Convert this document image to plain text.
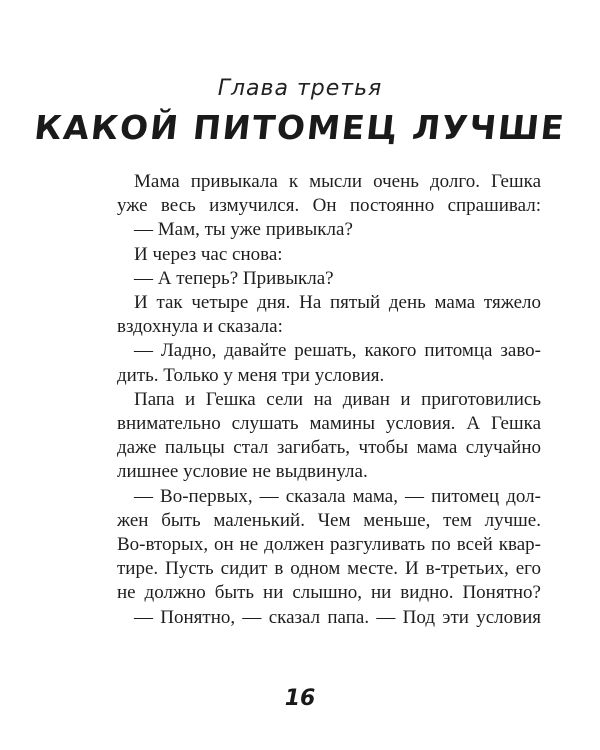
Глава третья
КАКОЙ ПИТОМЕЦ ЛУЧШЕ
Мама привыкала к мысли очень долго. Гешка
уже весь измучился. Он постоянно спрашивал:
— Мам, ты уже привыкла?
И через час снова:
— А теперь? Привыкла?
И так четыре дня. На пятый день мама тяжело
вздохнула и сказала:
— Ладно, давайте решать, какого питомца заво-
дить. Только у меня три условия.
Папа и Гешка сели на диван и приготовились
внимательно слушать мамины условия. А Гешка
даже пальцы стал загибать, чтобы мама случайно
лишнее условие не выдвинула.
— Во-первых, — сказала мама, — питомец дол-
жен быть маленький. Чем меньше, тем лучше.
Во-вторых, он не должен разгуливать по всей квар-
тире. Пусть сидит в одном месте. И в-третьих, его
не должно быть ни слышно, ни видно. Понятно?
— Понятно, — сказал папа. — Под эти условия
16
